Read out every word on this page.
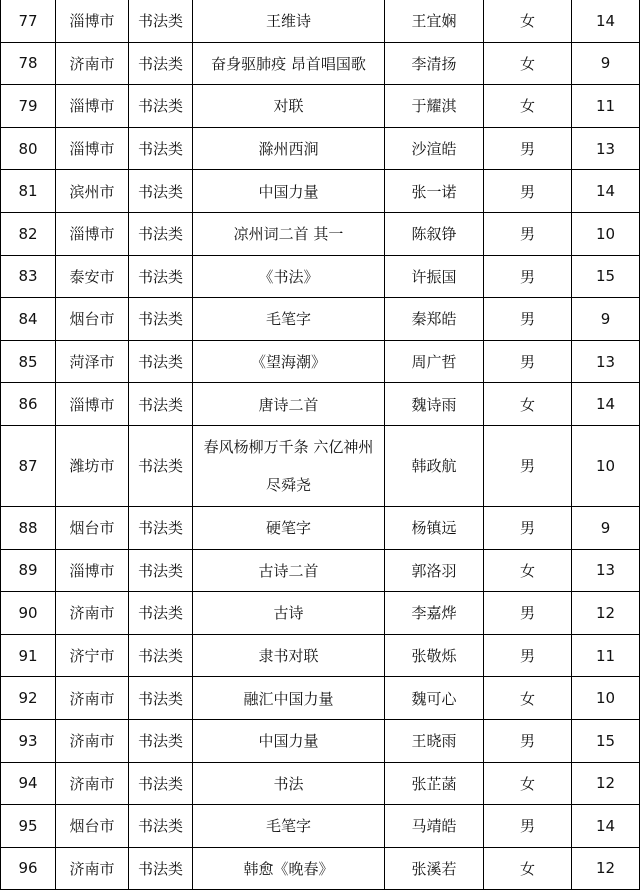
77	淄博市	书法类	王维诗	王宜娴	女	14
78	济南市	书法类	奋身驱肺疫 昂首唱国歌	李清扬	女	9
79	淄博市	书法类	对联	于耀淇	女	11
80	淄博市	书法类	滁州西涧	沙渲皓	男	13
81	滨州市	书法类	中国力量	张一诺	男	14
82	淄博市	书法类	凉州词二首 其一	陈叙铮	男	10
83	泰安市	书法类	《书法》	许振国	男	15
84	烟台市	书法类	毛笔字	秦郑皓	男	9
85	菏泽市	书法类	《望海潮》	周广哲	男	13
86	淄博市	书法类	唐诗二首	魏诗雨	女	14
87	潍坊市	书法类	春风杨柳万千条 六亿神州尽舜尧	韩政航	男	10
88	烟台市	书法类	硬笔字	杨镇远	男	9
89	淄博市	书法类	古诗二首	郭洛羽	女	13
90	济南市	书法类	古诗	李嘉烨	男	12
91	济宁市	书法类	隶书对联	张敬烁	男	11
92	济南市	书法类	融汇中国力量	魏可心	女	10
93	济南市	书法类	中国力量	王晓雨	男	15
94	济南市	书法类	书法	张芷菡	女	12
95	烟台市	书法类	毛笔字	马靖皓	男	14
96	济南市	书法类	韩愈《晚春》	张溪若	女	12
